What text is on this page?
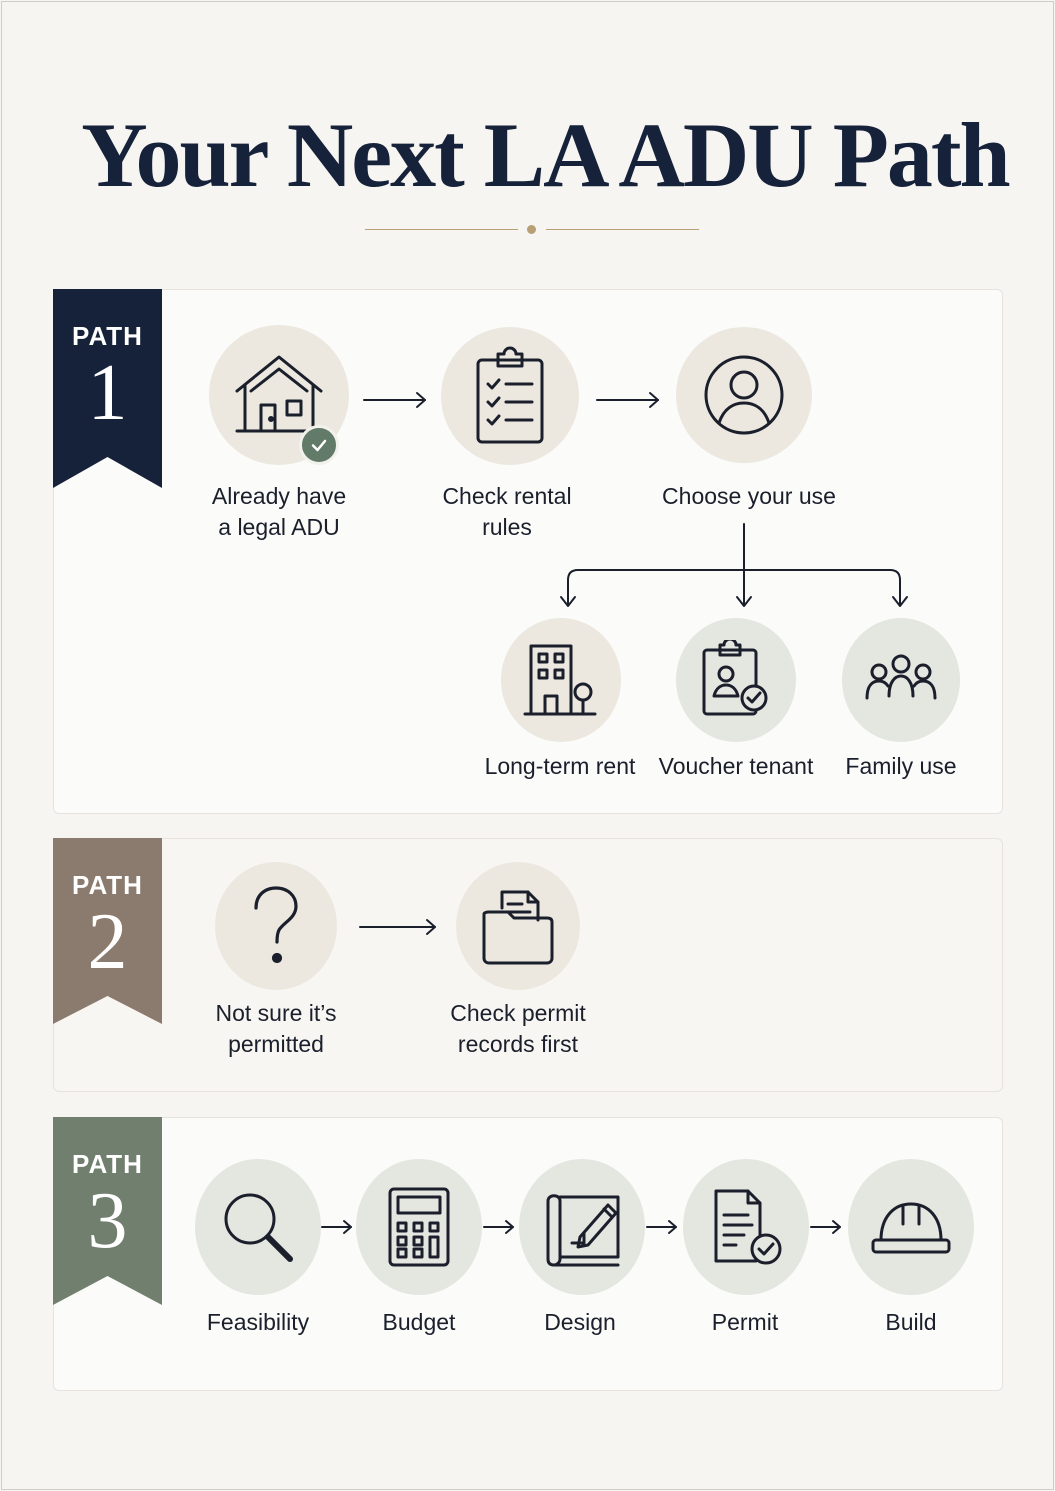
Your Next LA ADU Path
PATH
1
Already have
a legal ADU
Check rental
rules
Choose your use
Long-term rent	Voucher tenant	Family use
PATH
2
Not sure it’s
permitted
Check permit
records first
PATH
3
Feasibility	Budget	Design	Permit	Build
